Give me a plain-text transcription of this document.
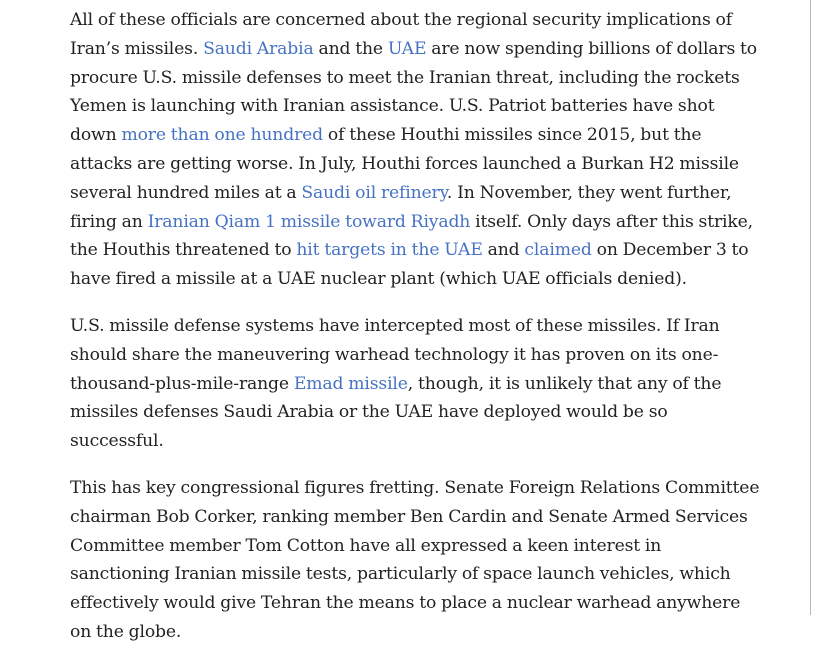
All of these officials are concerned about the regional security implications of Iran’s missiles. Saudi Arabia and the UAE are now spending billions of dollars to procure U.S. missile defenses to meet the Iranian threat, including the rockets Yemen is launching with Iranian assistance. U.S. Patriot batteries have shot down more than one hundred of these Houthi missiles since 2015, but the attacks are getting worse. In July, Houthi forces launched a Burkan H2 missile several hundred miles at a Saudi oil refinery. In November, they went further, firing an Iranian Qiam 1 missile toward Riyadh itself. Only days after this strike, the Houthis threatened to hit targets in the UAE and claimed on December 3 to have fired a missile at a UAE nuclear plant (which UAE officials denied).

U.S. missile defense systems have intercepted most of these missiles. If Iran should share the maneuvering warhead technology it has proven on its one-thousand-plus-mile-range Emad missile, though, it is unlikely that any of the missiles defenses Saudi Arabia or the UAE have deployed would be so successful.

This has key congressional figures fretting. Senate Foreign Relations Committee chairman Bob Corker, ranking member Ben Cardin and Senate Armed Services Committee member Tom Cotton have all expressed a keen interest in sanctioning Iranian missile tests, particularly of space launch vehicles, which effectively would give Tehran the means to place a nuclear warhead anywhere on the globe.
